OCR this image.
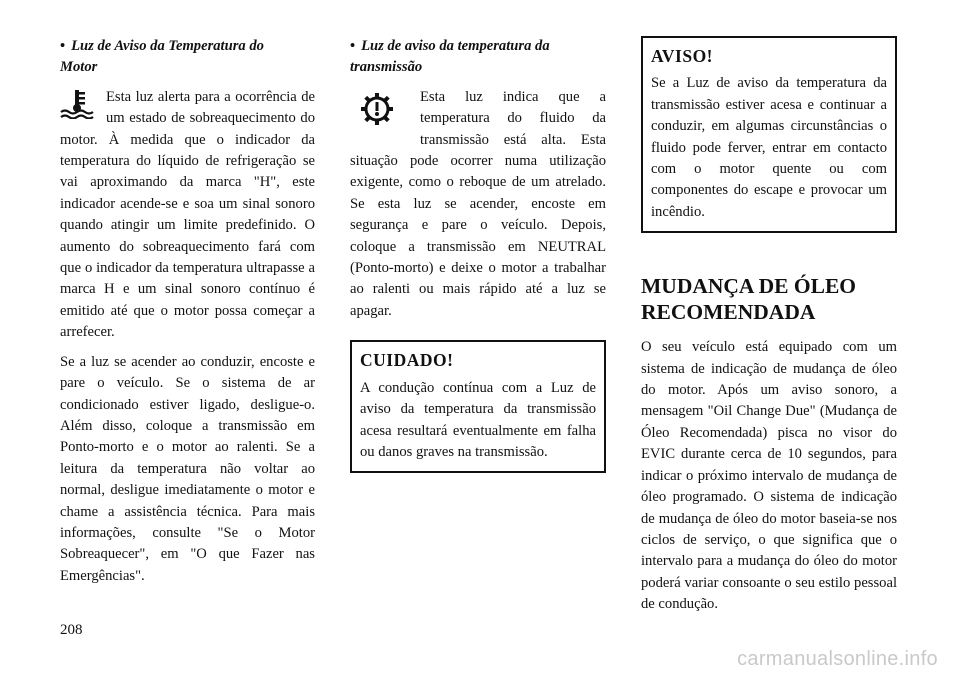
• Luz de Aviso da Temperatura do
Motor

Esta luz alerta para a ocorrência de um estado de sobreaquecimento do motor. À medida que o indicador da temperatura do líquido de refrigeração se vai aproximando da marca "H", este indicador acende-se e soa um sinal sonoro quando atingir um limite predefinido. O aumento do sobreaquecimento fará com que o indicador da temperatura ultrapasse a marca H e um sinal sonoro contínuo é emitido até que o motor possa começar a arrefecer.

Se a luz se acender ao conduzir, encoste e pare o veículo. Se o sistema de ar condicionado estiver ligado, desligue-o. Além disso, coloque a transmissão em Ponto-morto e o motor ao ralenti. Se a leitura da temperatura não voltar ao normal, desligue imediatamente o motor e chame a assistência técnica. Para mais informações, consulte "Se o Motor Sobreaquecer", em "O que Fazer nas Emergências".

• Luz de aviso da temperatura da
transmissão

Esta luz indica que a temperatura do fluido da transmissão está alta. Esta situação pode ocorrer numa utilização exigente, como o reboque de um atrelado. Se esta luz se acender, encoste em segurança e pare o veículo. Depois, coloque a transmissão em NEUTRAL (Ponto-morto) e deixe o motor a trabalhar ao ralenti ou mais rápido até a luz se apagar.

CUIDADO!

A condução contínua com a Luz de aviso da temperatura da transmissão acesa resultará eventualmente em falha ou danos graves na transmissão.

AVISO!

Se a Luz de aviso da temperatura da transmissão estiver acesa e continuar a conduzir, em algumas circunstâncias o fluido pode ferver, entrar em contacto com o motor quente ou com componentes do escape e provocar um incêndio.

MUDANÇA DE ÓLEO
RECOMENDADA

O seu veículo está equipado com um sistema de indicação de mudança de óleo do motor. Após um aviso sonoro, a mensagem "Oil Change Due" (Mudança de Óleo Recomendada) pisca no visor do EVIC durante cerca de 10 segundos, para indicar o próximo intervalo de mudança de óleo programado. O sistema de indicação de mudança de óleo do motor baseia-se nos ciclos de serviço, o que significa que o intervalo para a mudança do óleo do motor poderá variar consoante o seu estilo pessoal de condução.

208
carmanualsonline.info
